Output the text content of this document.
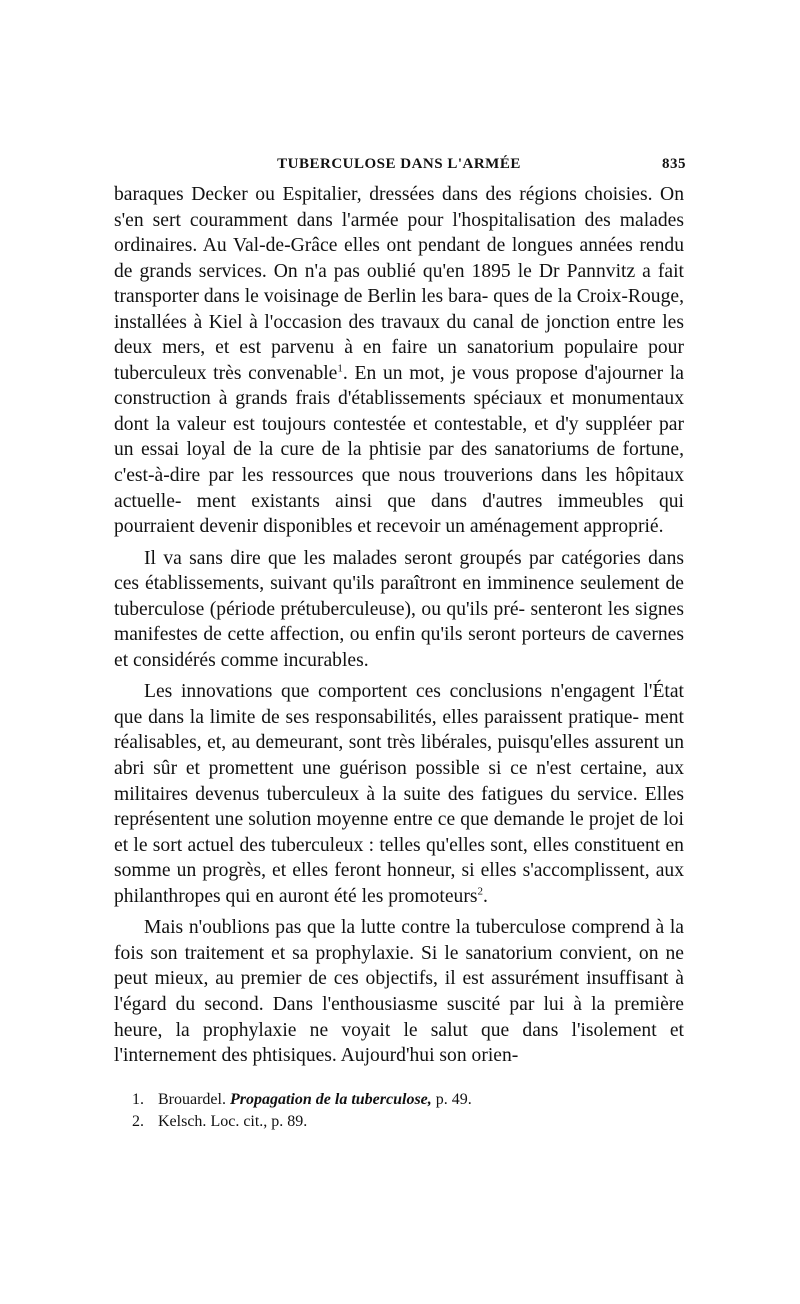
TUBERCULOSE DANS L'ARMÉE	835

baraques Decker ou Espitalier, dressées dans des régions choisies. On s'en sert couramment dans l'armée pour l'hospitalisation des malades ordinaires. Au Val-de-Grâce elles ont pendant de longues années rendu de grands services. On n'a pas oublié qu'en 1895 le Dr Pannvitz a fait transporter dans le voisinage de Berlin les bara- ques de la Croix-Rouge, installées à Kiel à l'occasion des travaux du canal de jonction entre les deux mers, et est parvenu à en faire un sanatorium populaire pour tuberculeux très convenable$^1$. En un mot, je vous propose d'ajourner la construction à grands frais d'établissements spéciaux et monumentaux dont la valeur est toujours contestée et contestable, et d'y suppléer par un essai loyal de la cure de la phtisie par des sanatoriums de fortune, c'est-à-dire par les ressources que nous trouverions dans les hôpitaux actuelle- ment existants ainsi que dans d'autres immeubles qui pourraient devenir disponibles et recevoir un aménagement approprié.

Il va sans dire que les malades seront groupés par catégories dans ces établissements, suivant qu'ils paraîtront en imminence seulement de tuberculose (période prétuberculeuse), ou qu'ils pré- senteront les signes manifestes de cette affection, ou enfin qu'ils seront porteurs de cavernes et considérés comme incurables.

Les innovations que comportent ces conclusions n'engagent l'État que dans la limite de ses responsabilités, elles paraissent pratique- ment réalisables, et, au demeurant, sont très libérales, puisqu'elles assurent un abri sûr et promettent une guérison possible si ce n'est certaine, aux militaires devenus tuberculeux à la suite des fatigues du service. Elles représentent une solution moyenne entre ce que demande le projet de loi et le sort actuel des tuberculeux : telles qu'elles sont, elles constituent en somme un progrès, et elles feront honneur, si elles s'accomplissent, aux philanthropes qui en auront été les promoteurs$^2$.

Mais n'oublions pas que la lutte contre la tuberculose comprend à la fois son traitement et sa prophylaxie. Si le sanatorium convient, on ne peut mieux, au premier de ces objectifs, il est assurément insuffisant à l'égard du second. Dans l'enthousiasme suscité par lui à la première heure, la prophylaxie ne voyait le salut que dans l'isolement et l'internement des phtisiques. Aujourd'hui son orien-

1. Brouardel. Propagation de la tuberculose, p. 49.

2. Kelsch. Loc. cit., p. 89.
